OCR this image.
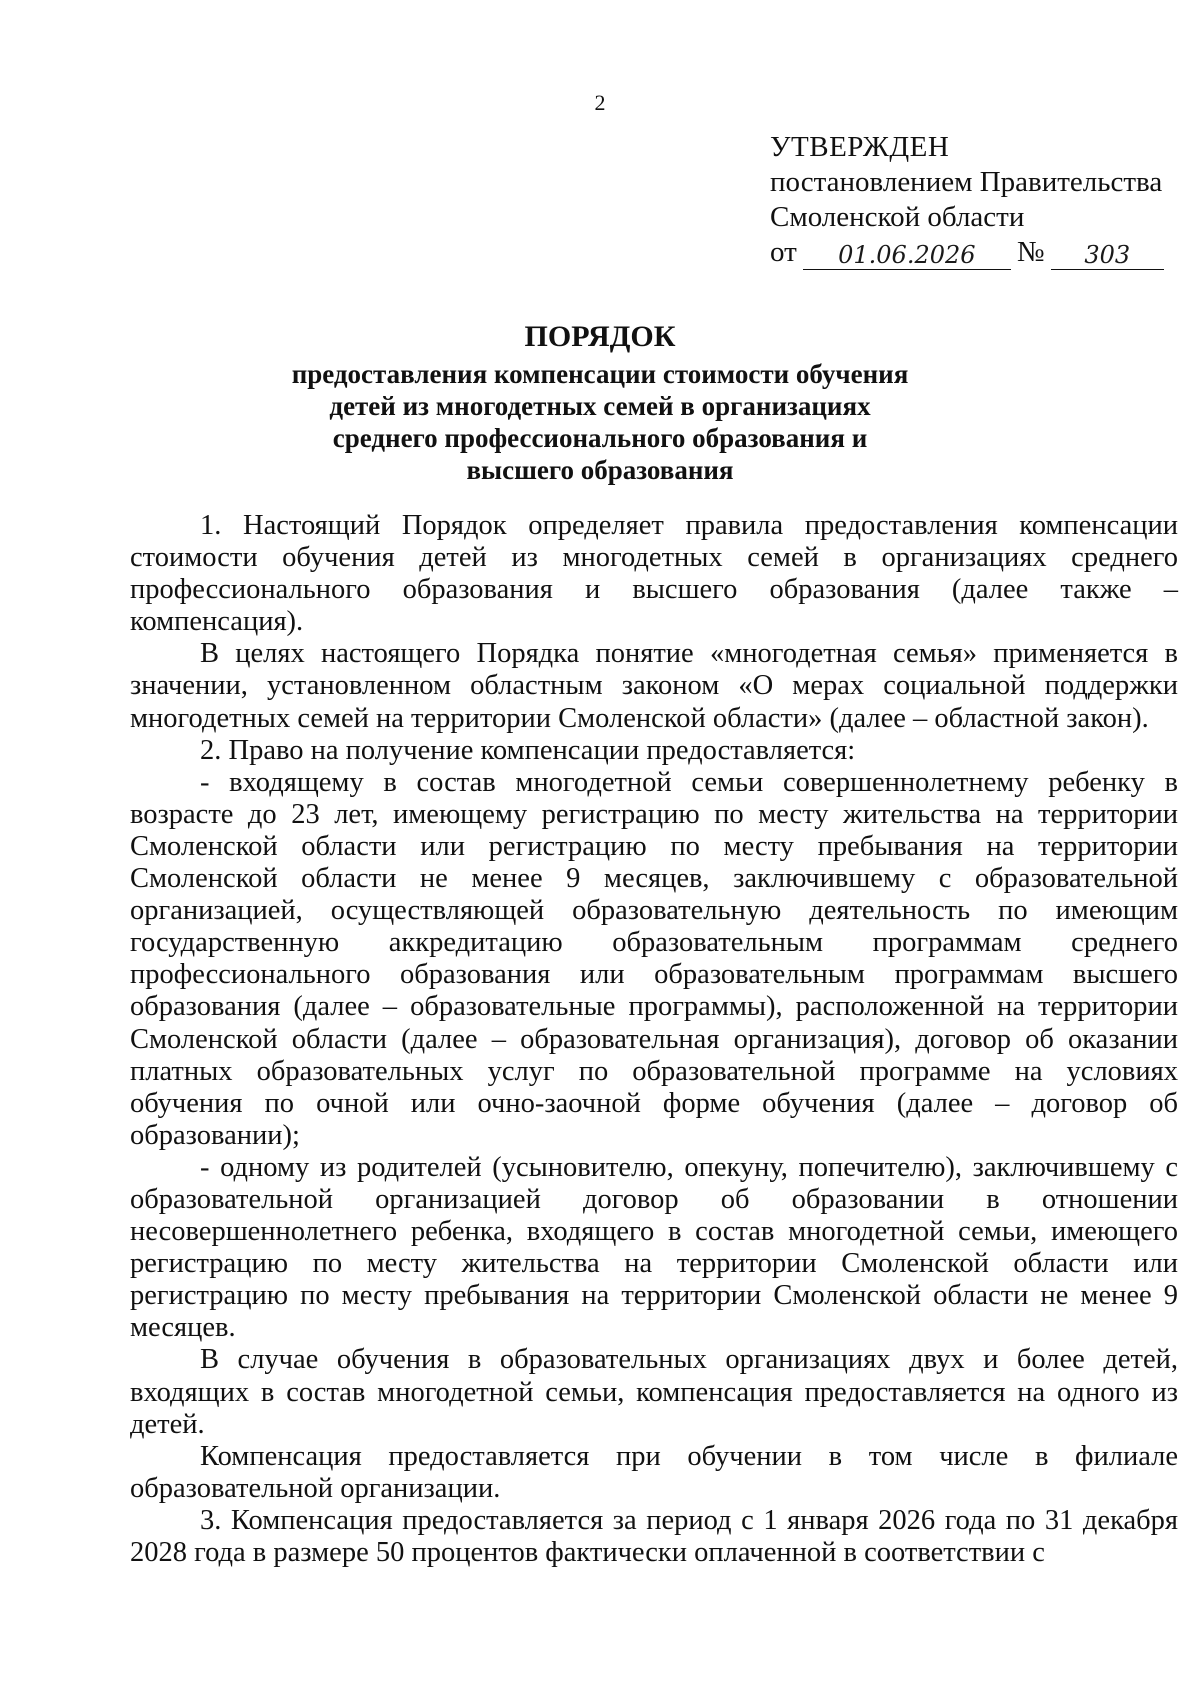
2
УТВЕРЖДЕН
постановлением Правительства
Смоленской области
от	01.06.2026	№	303
ПОРЯДОК
предоставления компенсации стоимости обучения
детей из многодетных семей в организациях
среднего профессионального образования и
высшего образования

1. Настоящий Порядок определяет правила предоставления компенсации стоимости обучения детей из многодетных семей в организациях среднего профессионального образования и высшего образования (далее также – компенсация).

В целях настоящего Порядка понятие «многодетная семья» применяется в значении, установленном областным законом «О мерах социальной поддержки многодетных семей на территории Смоленской области» (далее – областной закон).

2. Право на получение компенсации предоставляется:

- входящему в состав многодетной семьи совершеннолетнему ребенку в возрасте до 23 лет, имеющему регистрацию по месту жительства на территории Смоленской области или регистрацию по месту пребывания на территории Смоленской области не менее 9 месяцев, заключившему с образовательной организацией, осуществляющей образовательную деятельность по имеющим государственную аккредитацию образовательным программам среднего профессионального образования или образовательным программам высшего образования (далее – образовательные программы), расположенной на территории Смоленской области (далее – образовательная организация), договор об оказании платных образовательных услуг по образовательной программе на условиях обучения по очной или очно-заочной форме обучения (далее – договор об образовании);

- одному из родителей (усыновителю, опекуну, попечителю), заключившему с образовательной организацией договор об образовании в отношении несовершеннолетнего ребенка, входящего в состав многодетной семьи, имеющего регистрацию по месту жительства на территории Смоленской области или регистрацию по месту пребывания на территории Смоленской области не менее 9 месяцев.

В случае обучения в образовательных организациях двух и более детей, входящих в состав многодетной семьи, компенсация предоставляется на одного из детей.

Компенсация предоставляется при обучении в том числе в филиале образовательной организации.

3. Компенсация предоставляется за период с 1 января 2026 года по 31 декабря 2028 года в размере 50 процентов фактически оплаченной в соответствии с
